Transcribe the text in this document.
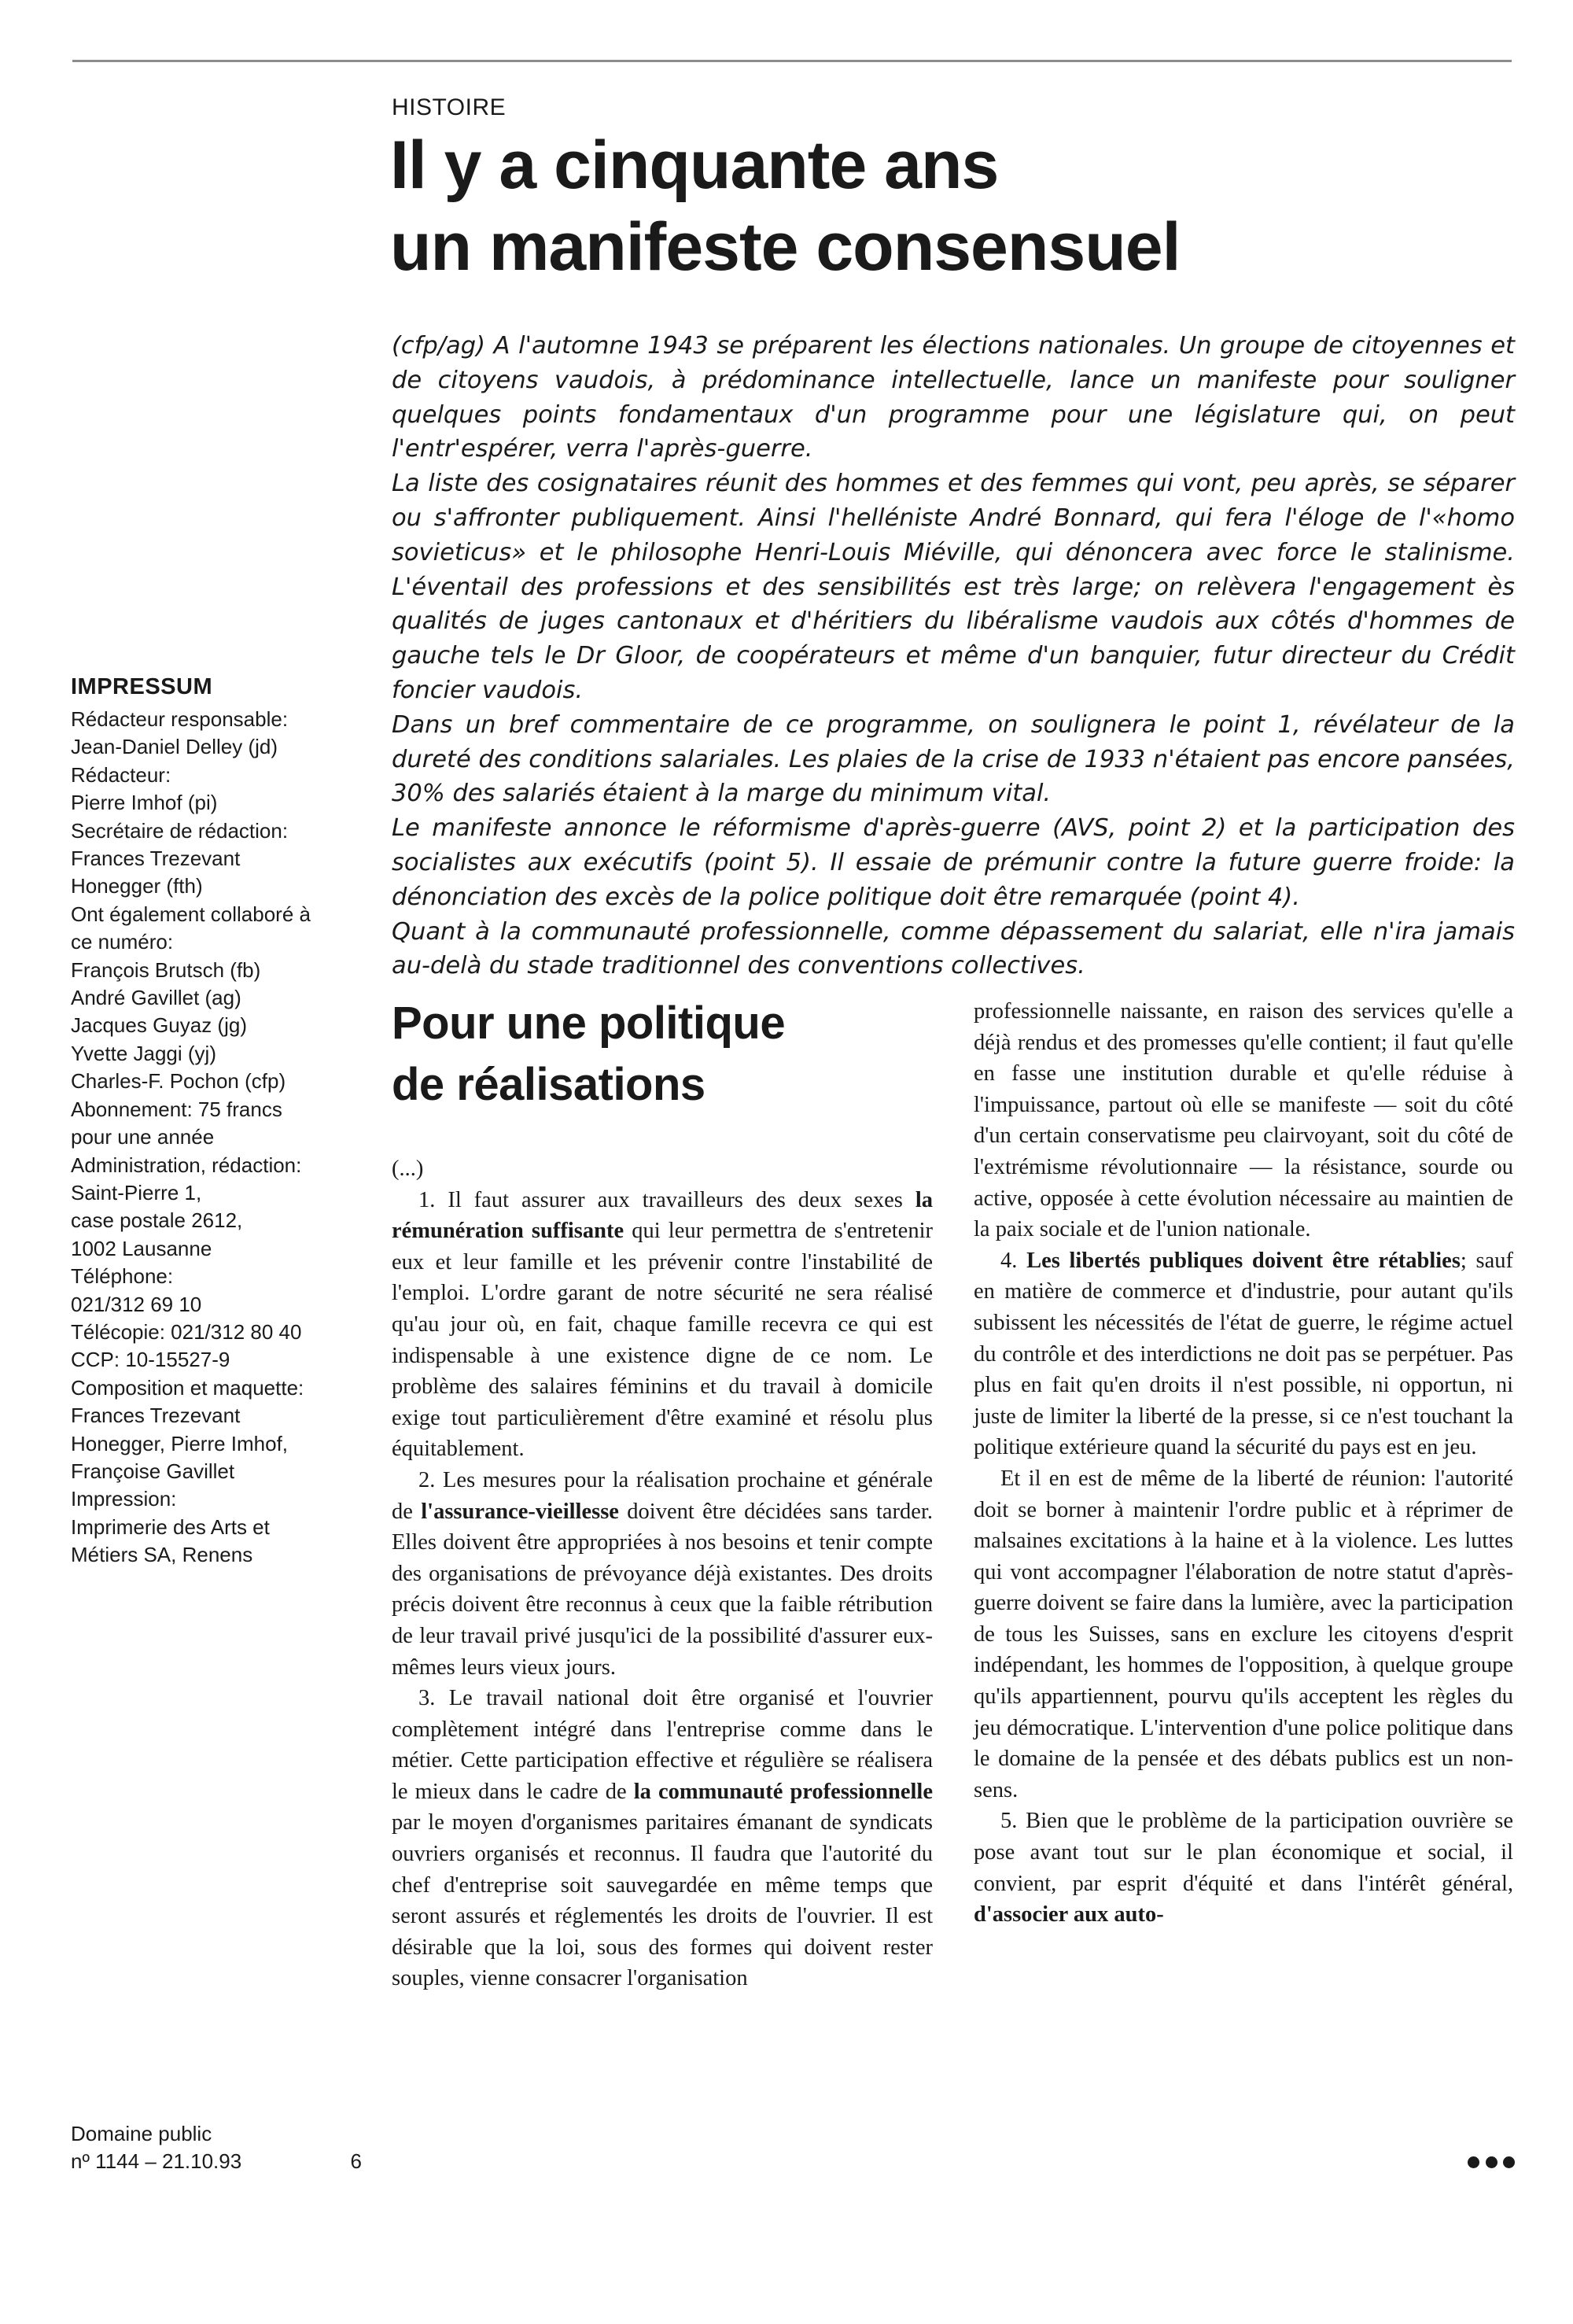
HISTOIRE
Il y a cinquante ans
un manifeste consensuel

(cfp/ag) A l'automne 1943 se préparent les élections nationales. Un groupe de citoyennes et de citoyens vaudois, à prédominance intellectuelle, lance un manifeste pour souligner quelques points fondamentaux d'un programme pour une législature qui, on peut l'entr'espérer, verra l'après-guerre.

La liste des cosignataires réunit des hommes et des femmes qui vont, peu après, se séparer ou s'affronter publiquement. Ainsi l'helléniste André Bonnard, qui fera l'éloge de l'«homo sovieticus» et le philosophe Henri-Louis Miéville, qui dénoncera avec force le stalinisme. L'éventail des professions et des sensibilités est très large; on relèvera l'engagement ès qualités de juges cantonaux et d'héritiers du libéralisme vaudois aux côtés d'hommes de gauche tels le Dr Gloor, de coopérateurs et même d'un banquier, futur directeur du Crédit foncier vaudois.

Dans un bref commentaire de ce programme, on soulignera le point 1, révélateur de la dureté des conditions salariales. Les plaies de la crise de 1933 n'étaient pas encore pansées, 30% des salariés étaient à la marge du minimum vital.

Le manifeste annonce le réformisme d'après-guerre (AVS, point 2) et la participation des socialistes aux exécutifs (point 5). Il essaie de prémunir contre la future guerre froide: la dénonciation des excès de la police politique doit être remarquée (point 4).

Quant à la communauté professionnelle, comme dépassement du salariat, elle n'ira jamais au-delà du stade traditionnel des conventions collectives.

IMPRESSUM
Rédacteur responsable:
Jean-Daniel Delley (jd)
Rédacteur:
Pierre Imhof (pi)
Secrétaire de rédaction:
Frances Trezevant
Honegger (fth)
Ont également collaboré à
ce numéro:
François Brutsch (fb)
André Gavillet (ag)
Jacques Guyaz (jg)
Yvette Jaggi (yj)
Charles-F. Pochon (cfp)
Abonnement: 75 francs
pour une année
Administration, rédaction:
Saint-Pierre 1,
case postale 2612,
1002 Lausanne
Téléphone:
021/312 69 10
Télécopie: 021/312 80 40
CCP: 10-15527-9
Composition et maquette:
Frances Trezevant
Honegger, Pierre Imhof,
Françoise Gavillet
Impression:
Imprimerie des Arts et
Métiers SA, Renens
Domaine public
nº 1144 – 21.10.93	6
Pour une politique
de réalisations

(...)

1. Il faut assurer aux travailleurs des deux sexes la rémunération suffisante qui leur permettra de s'entretenir eux et leur famille et les prévenir contre l'instabilité de l'emploi. L'ordre garant de notre sécurité ne sera réalisé qu'au jour où, en fait, chaque famille recevra ce qui est indispensable à une existence digne de ce nom. Le problème des salaires féminins et du travail à domicile exige tout particulièrement d'être examiné et résolu plus équitablement.

2. Les mesures pour la réalisation prochaine et générale de l'assurance-vieillesse doivent être décidées sans tarder. Elles doivent être appropriées à nos besoins et tenir compte des organisations de prévoyance déjà existantes. Des droits précis doivent être reconnus à ceux que la faible rétribution de leur travail privé jusqu'ici de la possibilité d'assurer eux-mêmes leurs vieux jours.

3. Le travail national doit être organisé et l'ouvrier complètement intégré dans l'entreprise comme dans le métier. Cette participation effective et régulière se réalisera le mieux dans le cadre de la communauté professionnelle par le moyen d'organismes paritaires émanant de syndicats ouvriers organisés et reconnus. Il faudra que l'autorité du chef d'entreprise soit sauvegardée en même temps que seront assurés et réglementés les droits de l'ouvrier. Il est désirable que la loi, sous des formes qui doivent rester souples, vienne consacrer l'organisation

professionnelle naissante, en raison des services qu'elle a déjà rendus et des promesses qu'elle contient; il faut qu'elle en fasse une institution durable et qu'elle réduise à l'impuissance, partout où elle se manifeste — soit du côté d'un certain conservatisme peu clairvoyant, soit du côté de l'extrémisme révolutionnaire — la résistance, sourde ou active, opposée à cette évolution nécessaire au maintien de la paix sociale et de l'union nationale.

4. Les libertés publiques doivent être rétablies; sauf en matière de commerce et d'industrie, pour autant qu'ils subissent les nécessités de l'état de guerre, le régime actuel du contrôle et des interdictions ne doit pas se perpétuer. Pas plus en fait qu'en droits il n'est possible, ni opportun, ni juste de limiter la liberté de la presse, si ce n'est touchant la politique extérieure quand la sécurité du pays est en jeu.

Et il en est de même de la liberté de réunion: l'autorité doit se borner à maintenir l'ordre public et à réprimer de malsaines excitations à la haine et à la violence. Les luttes qui vont accompagner l'élaboration de notre statut d'après-guerre doivent se faire dans la lumière, avec la participation de tous les Suisses, sans en exclure les citoyens d'esprit indépendant, les hommes de l'opposition, à quelque groupe qu'ils appartiennent, pourvu qu'ils acceptent les règles du jeu démocratique. L'intervention d'une police politique dans le domaine de la pensée et des débats publics est un non-sens.

5. Bien que le problème de la participation ouvrière se pose avant tout sur le plan économique et social, il convient, par esprit d'équité et dans l'intérêt général, d'associer aux auto-
